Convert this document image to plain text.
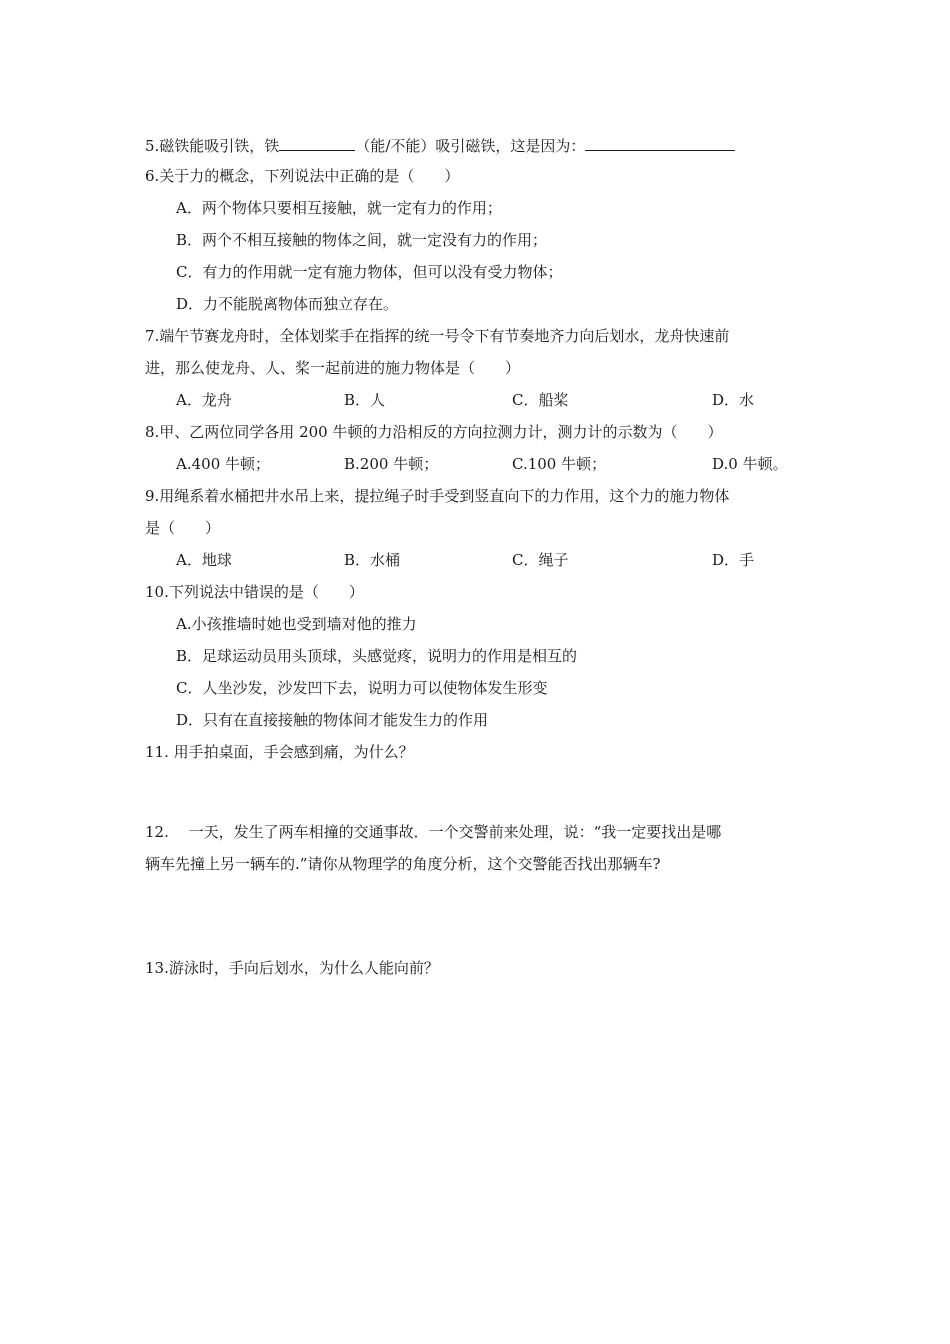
5.磁铁能吸引铁，铁	（能/不能）吸引磁铁，这是因为：
6.关于力的概念，下列说法中正确的是（　　）
A．两个物体只要相互接触，就一定有力的作用；
B．两个不相互接触的物体之间，就一定没有力的作用；
C．有力的作用就一定有施力物体，但可以没有受力物体；
D．力不能脱离物体而独立存在。
7.端午节赛龙舟时，全体划桨手在指挥的统一号令下有节奏地齐力向后划水，龙舟快速前
进，那么使龙舟、人、桨一起前进的施力物体是（　　）
A．龙舟	B．人	C．船桨	D．水
8.甲、乙两位同学各用 200 牛顿的力沿相反的方向拉测力计，测力计的示数为（　　）
A.400 牛顿；	B.200 牛顿；	C.100 牛顿；	D.0 牛顿。
9.用绳系着水桶把井水吊上来，提拉绳子时手受到竖直向下的力作用，这个力的施力物体
是（　　）
A．地球	B．水桶	C．绳子	D．手
10.下列说法中错误的是（　　）
A.小孩推墙时她也受到墙对他的推力
B．足球运动员用头顶球，头感觉疼，说明力的作用是相互的
C．人坐沙发，沙发凹下去，说明力可以使物体发生形变
D．只有在直接接触的物体间才能发生力的作用
11. 用手拍桌面，手会感到痛，为什么？
12.　 一天，发生了两车相撞的交通事故．一个交警前来处理，说：“我一定要找出是哪
辆车先撞上另一辆车的.”请你从物理学的角度分析，这个交警能否找出那辆车?
13.游泳时，手向后划水，为什么人能向前？
